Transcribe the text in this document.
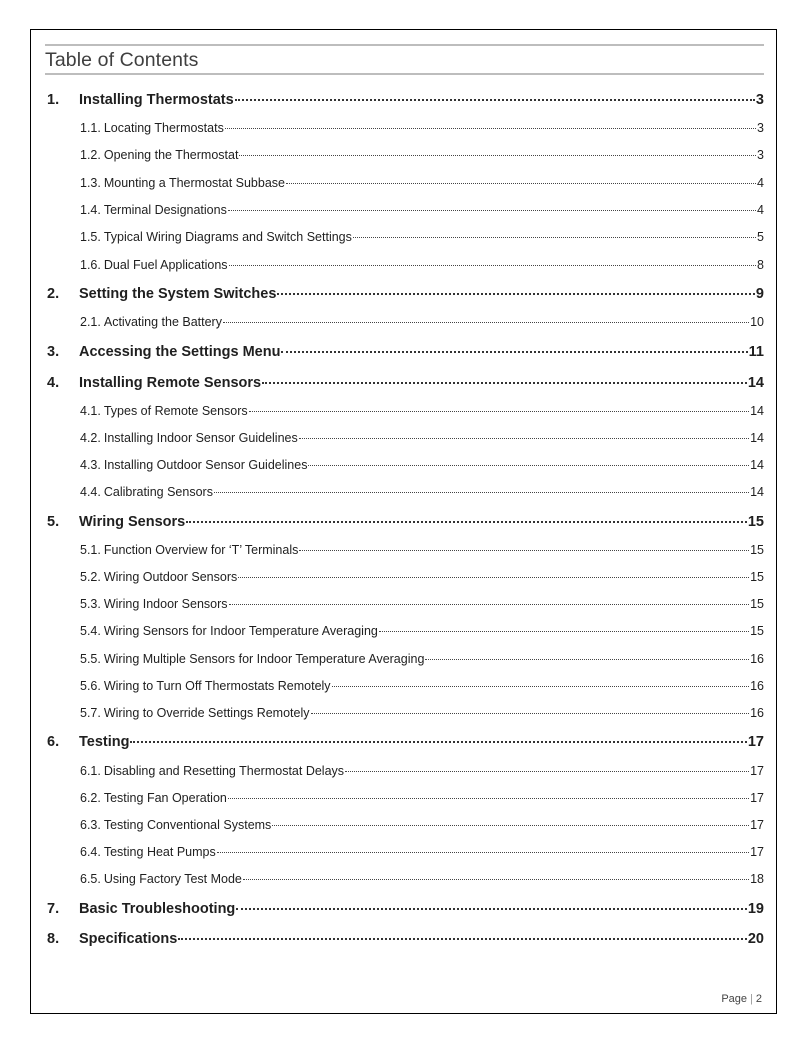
Table of Contents
1.	Installing Thermostats	3
1.1. Locating Thermostats	3
1.2. Opening the Thermostat	3
1.3. Mounting a Thermostat Subbase	4
1.4. Terminal Designations	4
1.5. Typical Wiring Diagrams and Switch Settings	5
1.6. Dual Fuel Applications	8
2.	Setting the System Switches	9
2.1. Activating the Battery	10
3.	Accessing the Settings Menu	11
4.	Installing Remote Sensors	14
4.1. Types of Remote Sensors	14
4.2. Installing Indoor Sensor Guidelines	14
4.3. Installing Outdoor Sensor Guidelines	14
4.4. Calibrating Sensors	14
5.	Wiring Sensors	15
5.1. Function Overview for ‘T’ Terminals	15
5.2. Wiring Outdoor Sensors	15
5.3. Wiring Indoor Sensors	15
5.4. Wiring Sensors for Indoor Temperature Averaging	15
5.5. Wiring Multiple Sensors for Indoor Temperature Averaging	16
5.6. Wiring to Turn Off Thermostats Remotely	16
5.7. Wiring to Override Settings Remotely	16
6.	Testing	17
6.1. Disabling and Resetting Thermostat Delays	17
6.2. Testing Fan Operation	17
6.3. Testing Conventional Systems	17
6.4. Testing Heat Pumps	17
6.5. Using Factory Test Mode	18
7.	Basic Troubleshooting	19
8.	Specifications	20
Page | 2
